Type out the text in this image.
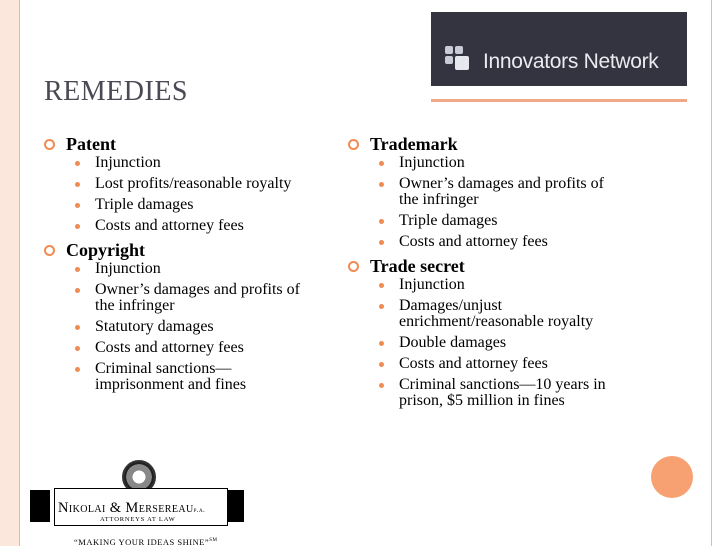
Innovators Network
REMEDIES
Patent
Injunction
Lost profits/reasonable royalty
Triple damages
Costs and attorney fees
Copyright
Injunction
Owner’s damages and profits of the infringer
Statutory damages
Costs and attorney fees
Criminal sanctions— imprisonment and fines
Trademark
Injunction
Owner’s damages and profits of the infringer
Triple damages
Costs and attorney fees
Trade secret
Injunction
Damages/unjust enrichment/reasonable royalty
Double damages
Costs and attorney fees
Criminal sanctions—10 years in prison, $5 million in fines
Nikolai & Mersereaup.a.
ATTORNEYS AT LAW
“MAKING YOUR IDEAS SHINE”℠
